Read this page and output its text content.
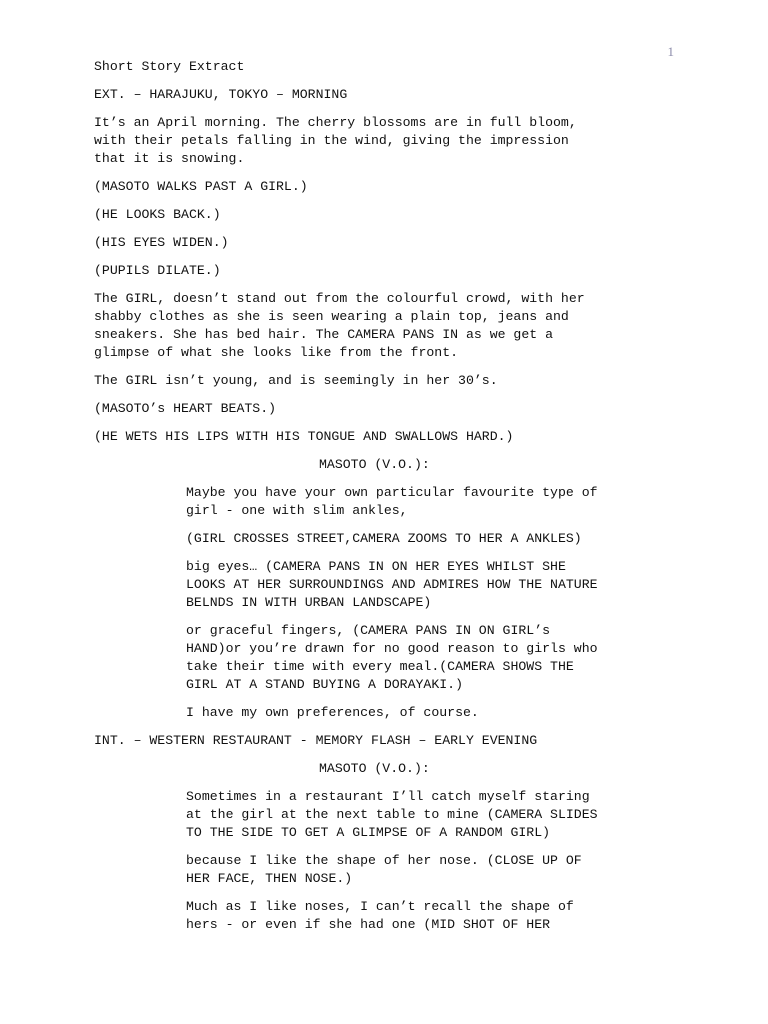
1
Short Story Extract
EXT. – HARAJUKU, TOKYO – MORNING
It’s an April morning. The cherry blossoms are in full bloom,
with their petals falling in the wind, giving the impression
that it is snowing.
(MASOTO WALKS PAST A GIRL.)
(HE LOOKS BACK.)
(HIS EYES WIDEN.)
(PUPILS DILATE.)
The GIRL, doesn’t stand out from the colourful crowd, with her
shabby clothes as she is seen wearing a plain top, jeans and
sneakers. She has bed hair. The CAMERA PANS IN as we get a
glimpse of what she looks like from the front.
The GIRL isn’t young, and is seemingly in her 30’s.
(MASOTO’s HEART BEATS.)
(HE WETS HIS LIPS WITH HIS TONGUE AND SWALLOWS HARD.)
MASOTO (V.O.):
Maybe you have your own particular favourite type of
girl - one with slim ankles,
(GIRL CROSSES STREET,CAMERA ZOOMS TO HER A ANKLES)
big eyes… (CAMERA PANS IN ON HER EYES WHILST SHE
LOOKS AT HER SURROUNDINGS AND ADMIRES HOW THE NATURE
BELNDS IN WITH URBAN LANDSCAPE)
or graceful fingers, (CAMERA PANS IN ON GIRL’s
HAND)or you’re drawn for no good reason to girls who
take their time with every meal.(CAMERA SHOWS THE
GIRL AT A STAND BUYING A DORAYAKI.)
I have my own preferences, of course.
INT. – WESTERN RESTAURANT - MEMORY FLASH – EARLY EVENING
MASOTO (V.O.):
Sometimes in a restaurant I’ll catch myself staring
at the girl at the next table to mine (CAMERA SLIDES
TO THE SIDE TO GET A GLIMPSE OF A RANDOM GIRL)
because I like the shape of her nose. (CLOSE UP OF
HER FACE, THEN NOSE.)
Much as I like noses, I can’t recall the shape of
hers - or even if she had one (MID SHOT OF HER
